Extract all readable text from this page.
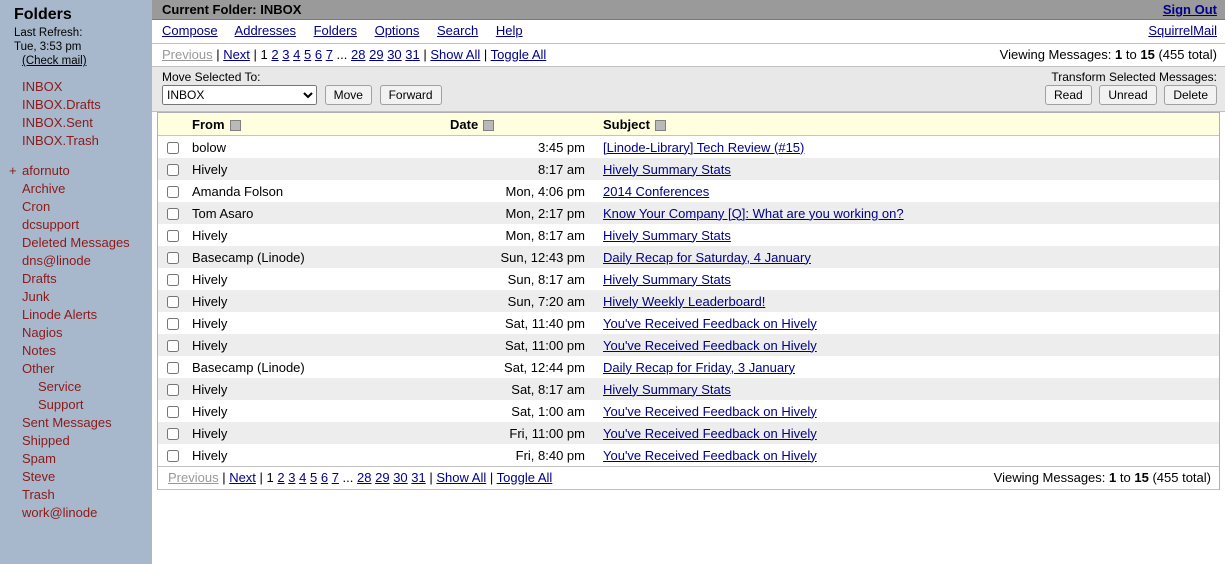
Folders
Last Refresh:
Tue, 3:53 pm
(Check mail)
INBOX
INBOX.Drafts
INBOX.Sent
INBOX.Trash
+ afornuto
Archive
Cron
dcsupport
Deleted Messages
dns@linode
Drafts
Junk
Linode Alerts
Nagios
Notes
Other
Service
Support
Sent Messages
Shipped
Spam
Steve
Trash
work@linode
Current Folder: INBOX	Sign Out
Compose Addresses Folders Options Search Help	SquirrelMail
Previous | Next | 1 2 3 4 5 6 7 ... 28 29 30 31 | Show All | Toggle All	Viewing Messages: 1 to 15 (455 total)
Move Selected To:	Transform Selected Messages:
INBOX Move Forward	Read Unread Delete
	From	Date	Subject
	bolow	3:45 pm	[Linode-Library] Tech Review (#15)
	Hively	8:17 am	Hively Summary Stats
	Amanda Folson	Mon, 4:06 pm	2014 Conferences
	Tom Asaro	Mon, 2:17 pm	Know Your Company [Q]: What are you working on?
	Hively	Mon, 8:17 am	Hively Summary Stats
	Basecamp (Linode)	Sun, 12:43 pm	Daily Recap for Saturday, 4 January
	Hively	Sun, 8:17 am	Hively Summary Stats
	Hively	Sun, 7:20 am	Hively Weekly Leaderboard!
	Hively	Sat, 11:40 pm	You've Received Feedback on Hively
	Hively	Sat, 11:00 pm	You've Received Feedback on Hively
	Basecamp (Linode)	Sat, 12:44 pm	Daily Recap for Friday, 3 January
	Hively	Sat, 8:17 am	Hively Summary Stats
	Hively	Sat, 1:00 am	You've Received Feedback on Hively
	Hively	Fri, 11:00 pm	You've Received Feedback on Hively
	Hively	Fri, 8:40 pm	You've Received Feedback on Hively
Previous | Next | 1 2 3 4 5 6 7 ... 28 29 30 31 | Show All | Toggle All	Viewing Messages: 1 to 15 (455 total)
